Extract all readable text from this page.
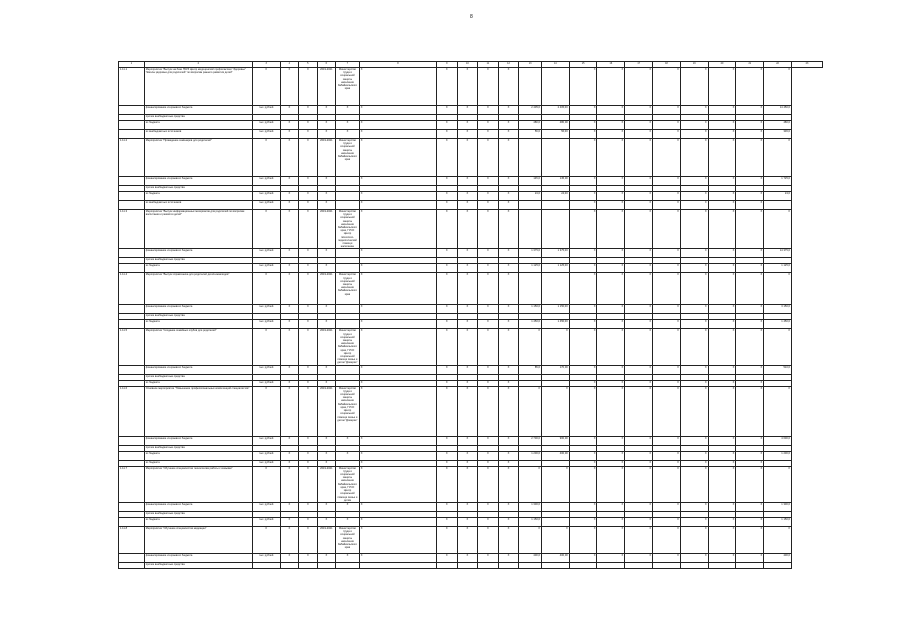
8
1	2	3	4	5	6	7	8	9	10	11	12	13	14	15	16	17	18	19	20	21	22	23
1.11.1	Мероприятие "Выпуск на базе ГБУЗ Центр медицинской профилактики "Здоровье" "Школы здоровья для родителей" по вопросам раннего развития детей"	X	X	X	2019-2021	Министерство труда и социальной защиты населения Забайкальского края	X	X	X	X	X			X	X	X	X	X	X	X	X	
	финансирование из краевого бюджета	тыс. рублей	X	X	X	X	X	X	X	X	X	2 405,0	2 405,00	X	X	X	X	X	X	X	14 450,0	
	прочие внебюджетные средства																					
	из бюджета	тыс. рублей	X	X	X	X	X	X	X	X	X	480,0	480,00	X	X	X	X	X	X	X	480,0	
	из внебюджетных источников	тыс. рублей	X	X	X	X	X	X	X	X	X	56,0	56,00	X	X	X	X	X	X	X	336,0	
1.11.2	Мероприятие "Проведение семинаров для родителей"	X	X	X	2019-2021	Министерство труда и социальной защиты населения Забайкальского края	X	X	X	X	X			X	X	X	X	X	X	X	X	
	финансирование из краевого бюджета	тыс. рублей	X	X	X		X	X	X	X	X	145,0	145,00	X	X	X	X	X	X	X	1 725,0	
	прочие внебюджетные средства																					
	из бюджета	тыс. рублей	X	X	X		X	X	X	X	X	24,0	24,00	X	X	X	X	X	X	X	24,0	
	из внебюджетных источников	тыс. рублей	X	X	X		X	X	X	X	X			X	X	X	X	X	X	X		
1.11.3	Мероприятие "Выпуск информационных материалов для родителей по вопросам воспитания и развития детей"	X	X	X	2019-2021	Министерство труда и социальной защиты населения Забайкальского края, ГУСО Центр психолого-педагогической помощи населению	X	X	X	X	X			X	X	X	X	X	X	X	X	
	финансирование из краевого бюджета	тыс. рублей	X	X	X		X	X	X	X	X	1 375,0	1 375,00	X	X	X	X	X	X	X	14 375,0	
	прочие внебюджетные средства																					
	из бюджета	тыс. рублей	X	X	X		X	X	X	X	X	1 125,0	1 125,00	X	X	X	X	X	X	X	1 125,0	
1.11.4	Мероприятие "Выпуск справочника для родителей детей-инвалидов"	X	X	X	2019-2021	Министерство труда и социальной защиты населения Забайкальского края	X	X	X	X	X			X	X	X	X	X	X	X	X	
	финансирование из краевого бюджета	тыс. рублей	X	X	X		X	X	X	X	X	1 150,0	1 150,00	X	X	X	X	X	X	X	3 150,0	
	прочие внебюджетные средства																					
	из бюджета	тыс. рублей	X	X	X		X	X	X	X	X	1 450,0	1 450,00	X	X	X	X	X	X	X	1 450,0	
1.11.5	Мероприятие "Создание семейных клубов для родителей"	X	X	X	2019-2021	Министерство труда и социальной защиты населения Забайкальского края, ГУСО Центр социальной помощи семье и детям "Доверие"	X	X	X	X	X	X	X	X	X	X	X	X	X	X	X	
	финансирование из краевого бюджета	тыс. рублей	X	X	X		X	X	X	X	X	85,0	170,00	X	X	X	X	X	X	X	510,0	
	прочие внебюджетные средства																					
	из бюджета	тыс. рублей	X	X	X		X	X	X	X	X			X	X	X	X	X	X	X		
1.11.6	Основное мероприятие "Повышение профессиональных компетенций специалистов"	X	X	X	2019-2021	Министерство труда и социальной защиты населения Забайкальского края, ГУСО Центр социальной помощи семье и детям "Доверие"	X	X	X	X	X	X	X	X	X	X	X	X	X	X	X	
	финансирование из краевого бюджета	тыс. рублей	X	X	X	X	X	X	X	X	X	2 700,0	900,00	X	X	X	X	X	X	X	4 600,0	
	прочие внебюджетные средства																					
	из бюджета	тыс. рублей	X	X	X	X	X	X	X	X	X	1 200,0	400,00	X	X	X	X	X	X	X	1 200,0	
	из бюджета	тыс. рублей	X	X	X		X	X	X	X	X			X	X	X	X	X	X	X		
1.11.7	Мероприятие "Обучение специалистов технологиям работы с семьями"	X	X	X	2019-2021	Министерство труда и социальной защиты населения Забайкальского края, ГУСО Центр социальной помощи семье и детям	X	X	X	X	X	X	X	X	X	X	X	X	X	X	X	
	финансирование из краевого бюджета	тыс. рублей	X	X	X	X	X	X	X	X	X	1 300,0		X	X	X	X	X	X	X	1 300,0	
	прочие внебюджетные средства																					
	из бюджета	тыс. рублей	X	X	X	X	X	X	X	X	X	1 150,0		X	X	X	X	X	X	X	1 150,0	
1.11.8	Мероприятие "Обучение специалистов медиации"	X	X	X	2019-2021	Министерство труда и социальной защиты населения Забайкальского края	X	X	X	X	X	X	X	X	X	X	X	X	X	X	X	
	финансирование из краевого бюджета	тыс. рублей	X	X	X	X	X	X	X	X	X	400,0	400,00	X	X	X	X	X	X	X	400,0	
	прочие внебюджетные средства																					
